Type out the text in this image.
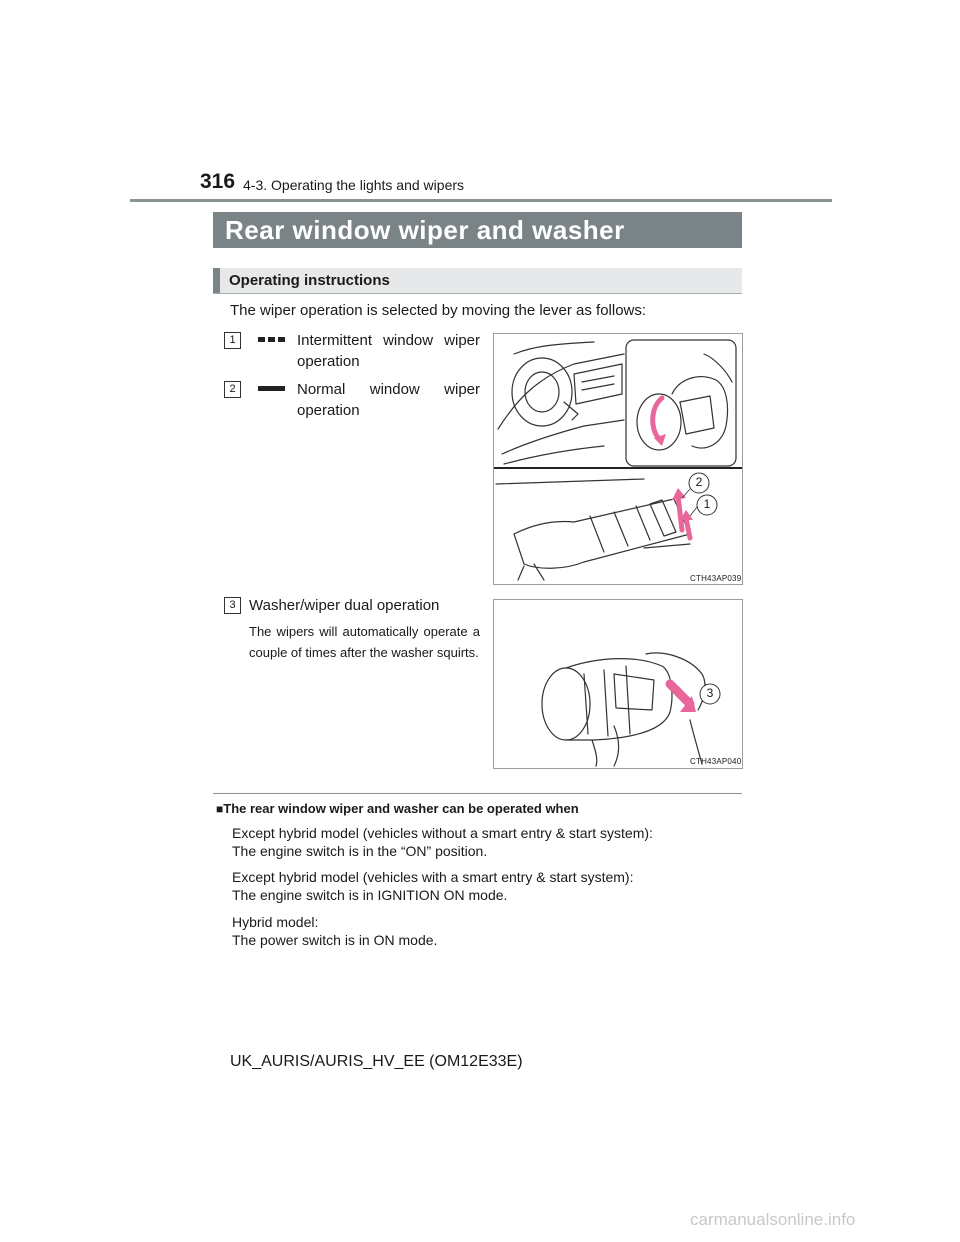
316 4-3. Operating the lights and wipers
Rear window wiper and washer
Operating instructions
The wiper operation is selected by moving the lever as follows:
1	Intermittent window wiper operation
2	Normal window wiper operation
2
1
CTH43AP039
3 Washer/wiper dual operation
The wipers will automatically operate a couple of times after the washer squirts.
3
CTH43AP040
■The rear window wiper and washer can be operated when
Except hybrid model (vehicles without a smart entry & start system):
The engine switch is in the “ON” position.
Except hybrid model (vehicles with a smart entry & start system):
The engine switch is in IGNITION ON mode.
Hybrid model:
The power switch is in ON mode.
UK_AURIS/AURIS_HV_EE (OM12E33E)
carmanualsonline.info
